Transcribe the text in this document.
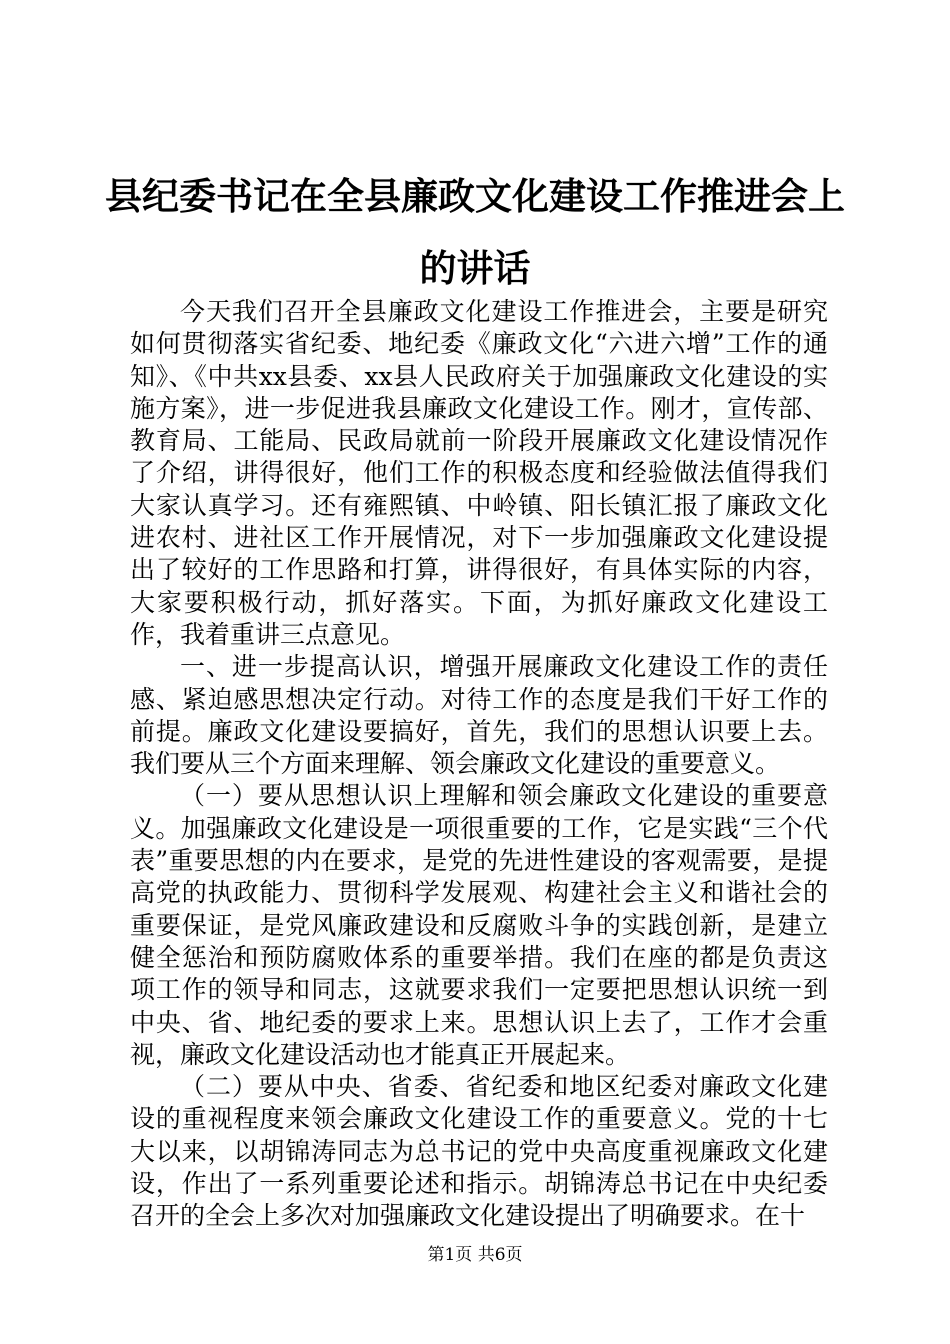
县纪委书记在全县廉政文化建设工作推进会上的讲话

今天我们召开全县廉政文化建设工作推进会，主要是研究如何贯彻落实省纪委、地纪委《廉政文化“六进六增”工作的通知》、《中共xx县委、xx县人民政府关于加强廉政文化建设的实施方案》，进一步促进我县廉政文化建设工作。刚才，宣传部、教育局、工能局、民政局就前一阶段开展廉政文化建设情况作了介绍，讲得很好，他们工作的积极态度和经验做法值得我们大家认真学习。还有雍熙镇、中岭镇、阳长镇汇报了廉政文化进农村、进社区工作开展情况，对下一步加强廉政文化建设提出了较好的工作思路和打算，讲得很好，有具体实际的内容，大家要积极行动，抓好落实。下面，为抓好廉政文化建设工作，我着重讲三点意见。

一、进一步提高认识，增强开展廉政文化建设工作的责任感、紧迫感思想决定行动。对待工作的态度是我们干好工作的前提。廉政文化建设要搞好，首先，我们的思想认识要上去。我们要从三个方面来理解、领会廉政文化建设的重要意义。

（一）要从思想认识上理解和领会廉政文化建设的重要意义。加强廉政文化建设是一项很重要的工作，它是实践“三个代表”重要思想的内在要求，是党的先进性建设的客观需要，是提高党的执政能力、贯彻科学发展观、构建社会主义和谐社会的重要保证，是党风廉政建设和反腐败斗争的实践创新，是建立健全惩治和预防腐败体系的重要举措。我们在座的都是负责这项工作的领导和同志，这就要求我们一定要把思想认识统一到中央、省、地纪委的要求上来。思想认识上去了，工作才会重视，廉政文化建设活动也才能真正开展起来。

（二）要从中央、省委、省纪委和地区纪委对廉政文化建设的重视程度来领会廉政文化建设工作的重要意义。党的十七大以来，以胡锦涛同志为总书记的党中央高度重视廉政文化建设，作出了一系列重要论述和指示。胡锦涛总书记在中央纪委召开的全会上多次对加强廉政文化建设提出了明确要求。在十

第1页 共6页
